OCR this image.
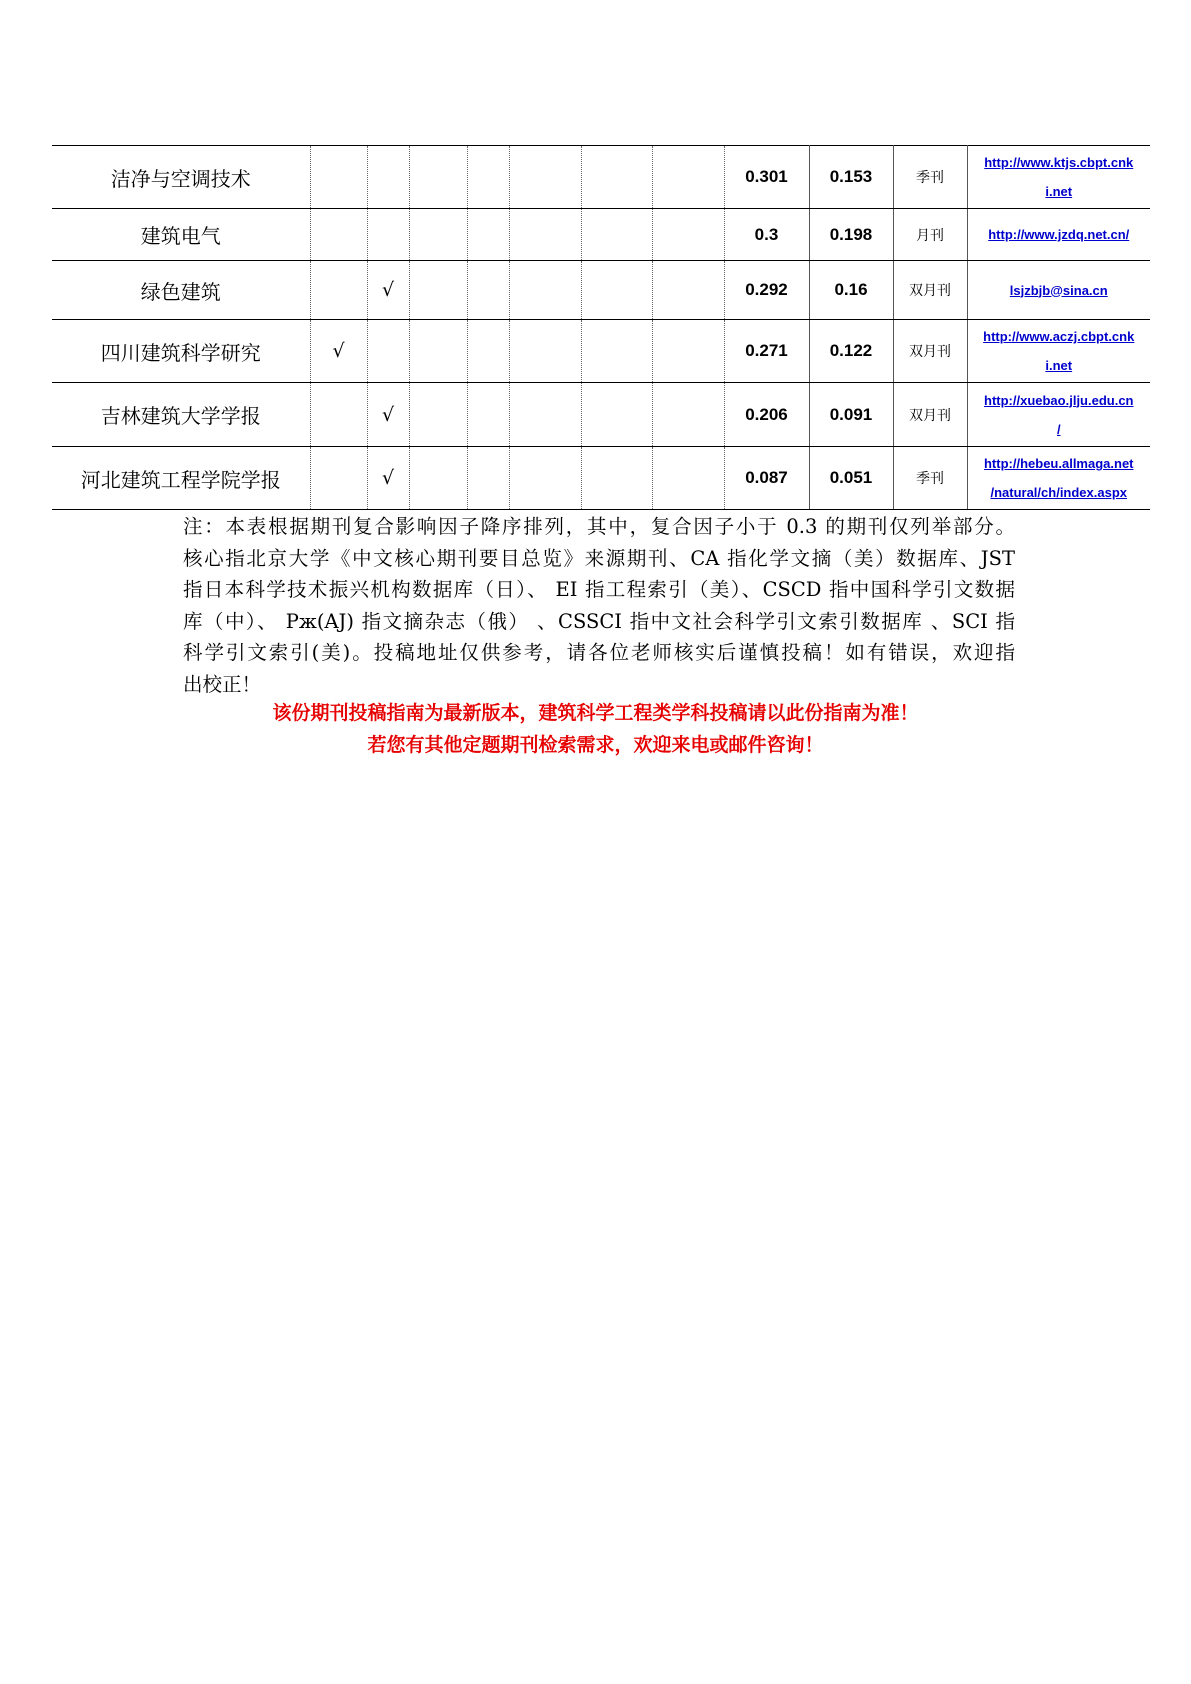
洁净与空调技术								0.301	0.153	季刊	http://www.ktjs.cbpt.cnk
i.net

建筑电气								0.3	0.198	月刊	http://www.jzdq.net.cn/

绿色建筑		√						0.292	0.16	双月刊	lsjzbjb@sina.cn

四川建筑科学研究	√							0.271	0.122	双月刊	http://www.aczj.cbpt.cnk
i.net

吉林建筑大学学报		√						0.206	0.091	双月刊	http://xuebao.jlju.edu.cn
/

河北建筑工程学院学报		√						0.087	0.051	季刊	http://hebeu.allmaga.net
/natural/ch/index.aspx
注：本表根据期刊复合影响因子降序排列，其中，复合因子小于 0.3 的期刊仅列举部分。
核心指北京大学《中文核心期刊要目总览》来源期刊、CA 指化学文摘（美）数据库、JST
指日本科学技术振兴机构数据库（日）、 EI 指工程索引（美）、CSCD 指中国科学引文数据
库（中）、 Pж(AJ) 指文摘杂志（俄） 、CSSCI 指中文社会科学引文索引数据库 、SCI 指
科学引文索引(美)。投稿地址仅供参考，请各位老师核实后谨慎投稿！如有错误，欢迎指
出校正！
该份期刊投稿指南为最新版本，建筑科学工程类学科投稿请以此份指南为准！
若您有其他定题期刊检索需求，欢迎来电或邮件咨询！
